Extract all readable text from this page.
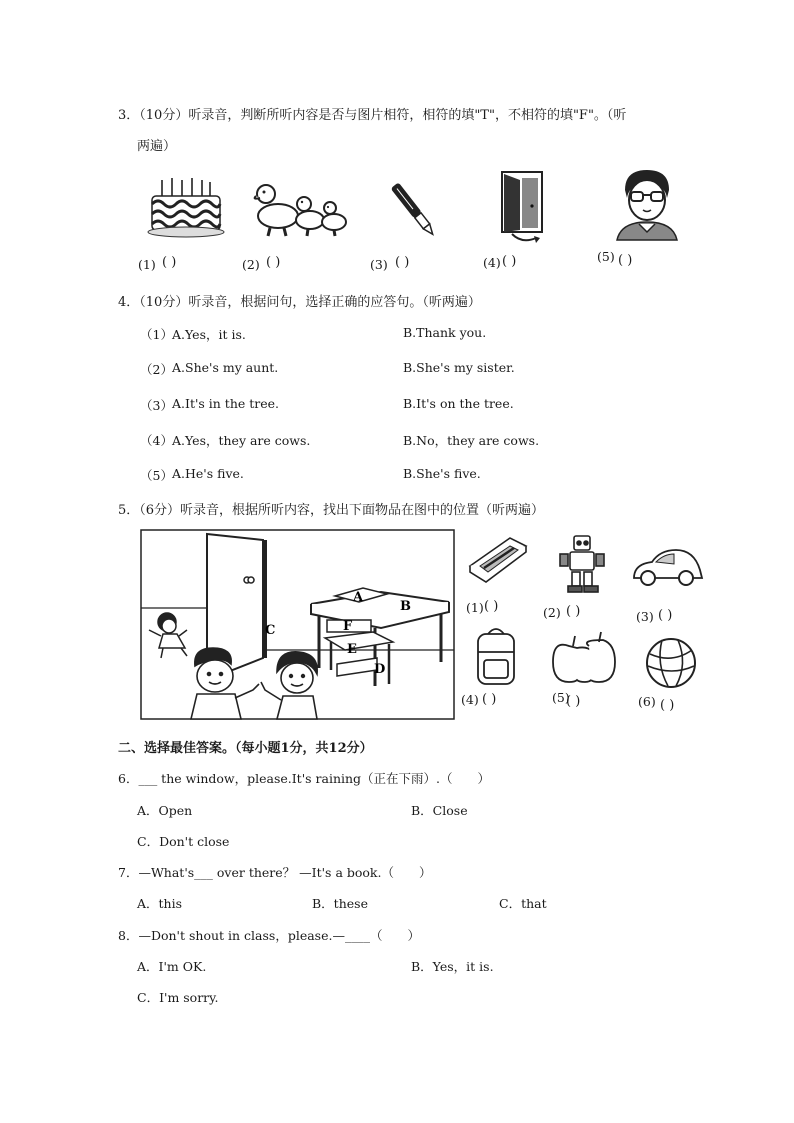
3．（10分）听录音，判断所听内容是否与图片相符，相符的填"T"，不相符的填"F"。（听
两遍）
(1) ( )	(2) ( )	(3) ( )	(4) ( )	(5) ( )
4．（10分）听录音，根据问句，选择正确的应答句。（听两遍）
（1） A.Yes，it is.	B.Thank you.
（2） A.She's my aunt.	B.She's my sister.
（3） A.It's in the tree.	B.It's on the tree.
（4） A.Yes，they are cows.	B.No，they are cows.
（5） A.He's five.	B.She's five.
5．（6分）听录音，根据所听内容，找出下面物品在图中的位置（听两遍）
A
B
C
D
E
F
(1) ( )	(2) ( )	(3) ( )
(4) ( )	(5)
( )	(6) ( )
二、选择最佳答案。（每小题1分，共12分）
6．___ the window，please.It's raining（正在下雨）.（　　）
A．Open	B．Close
C．Don't close
7．—What's___ over there？ —It's a book.（　　）
A．this	B．these	C．that
8．—Don't shout in class，please.—____（　　）
A．I'm OK.	B．Yes，it is.
C．I'm sorry.
